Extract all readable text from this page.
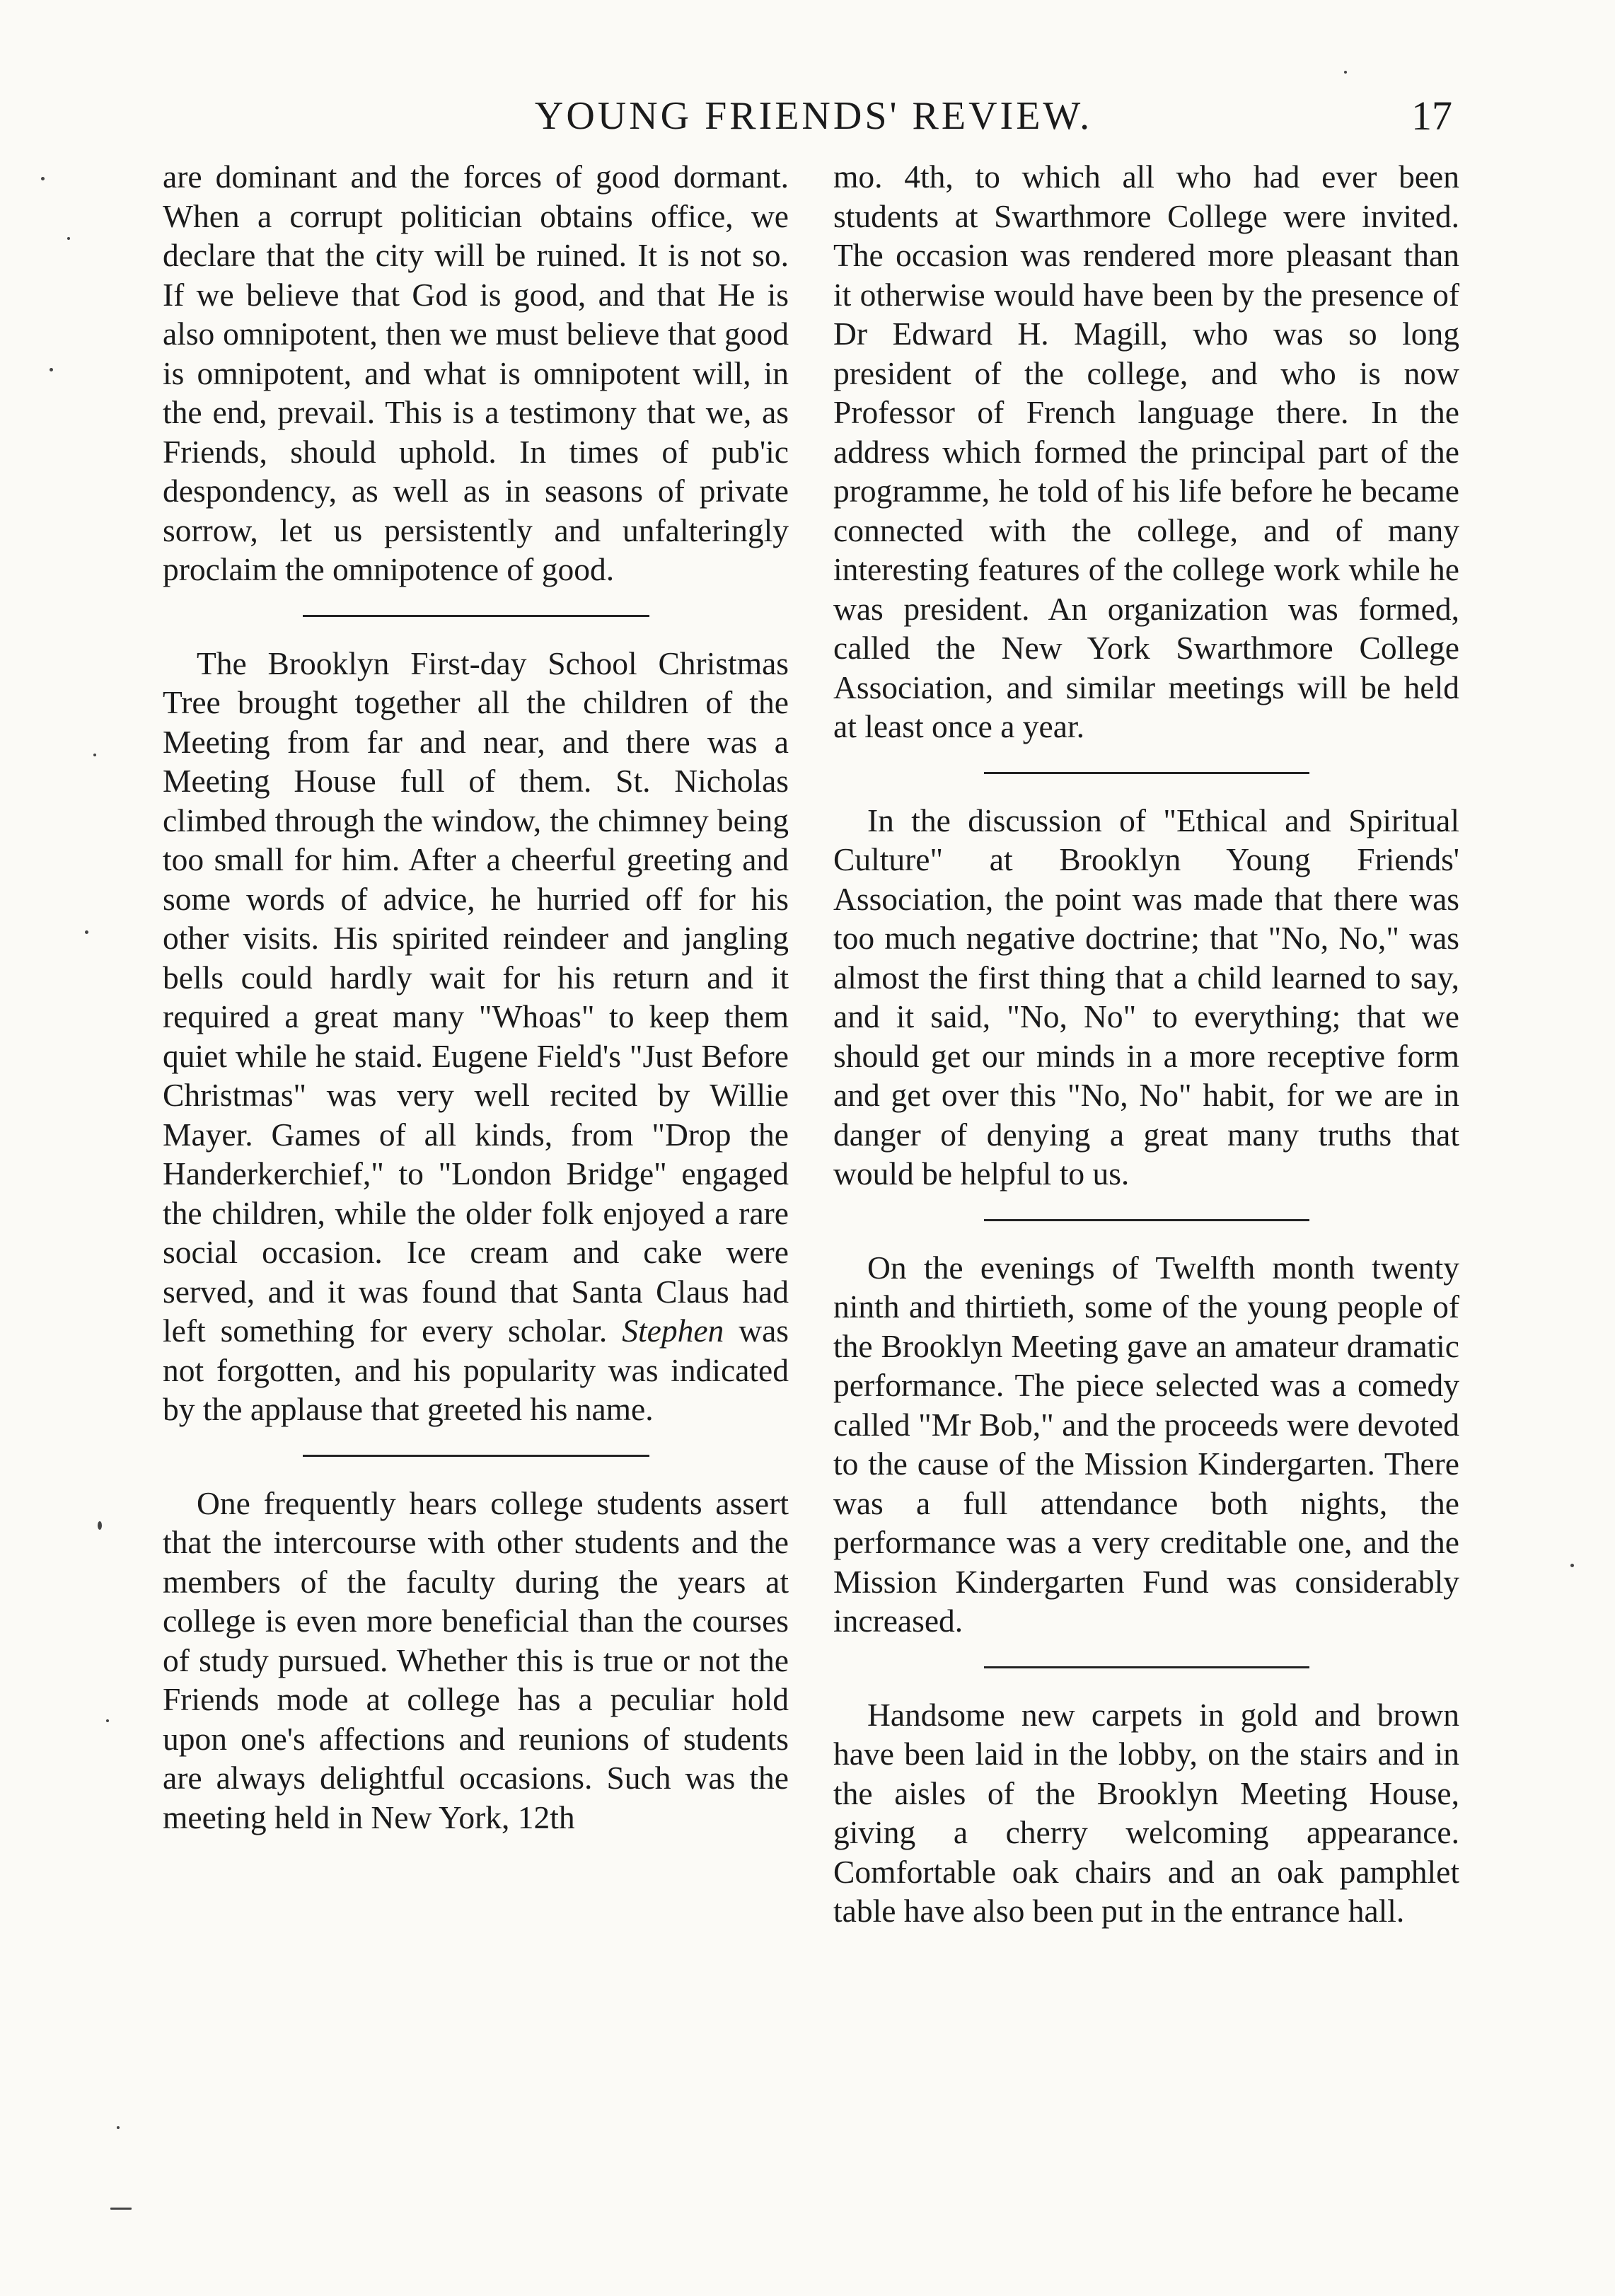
YOUNG FRIENDS' REVIEW.	17

are dominant and the forces of good dormant. When a corrupt politician obtains office, we declare that the city will be ruined. It is not so. If we believe that God is good, and that He is also omnipotent, then we must believe that good is omnipotent, and what is omnipotent will, in the end, prevail. This is a testimony that we, as Friends, should uphold. In times of pub'ic despondency, as well as in seasons of private sorrow, let us persistently and unfalteringly proclaim the omnipotence of good.

The Brooklyn First-day School Christmas Tree brought together all the children of the Meeting from far and near, and there was a Meeting House full of them. St. Nicholas climbed through the window, the chimney being too small for him. After a cheerful greeting and some words of advice, he hurried off for his other visits. His spirited reindeer and jangling bells could hardly wait for his return and it required a great many "Whoas" to keep them quiet while he staid. Eugene Field's "Just Before Christmas" was very well recited by Willie Mayer. Games of all kinds, from "Drop the Handerkerchief," to "London Bridge" engaged the children, while the older folk enjoyed a rare social occasion. Ice cream and cake were served, and it was found that Santa Claus had left something for every scholar. Stephen was not forgotten, and his popularity was indicated by the applause that greeted his name.

One frequently hears college students assert that the intercourse with other students and the members of the faculty during the years at college is even more beneficial than the courses of study pursued. Whether this is true or not the Friends mode at college has a peculiar hold upon one's affections and reunions of students are always delightful occasions. Such was the meeting held in New York, 12th

mo. 4th, to which all who had ever been students at Swarthmore College were invited. The occasion was rendered more pleasant than it otherwise would have been by the presence of Dr Edward H. Magill, who was so long president of the college, and who is now Professor of French language there. In the address which formed the principal part of the programme, he told of his life before he became connected with the college, and of many interesting features of the college work while he was president. An organization was formed, called the New York Swarthmore College Association, and similar meetings will be held at least once a year.

In the discussion of "Ethical and Spiritual Culture" at Brooklyn Young Friends' Association, the point was made that there was too much negative doctrine; that "No, No," was almost the first thing that a child learned to say, and it said, "No, No" to everything; that we should get our minds in a more receptive form and get over this "No, No" habit, for we are in danger of denying a great many truths that would be helpful to us.

On the evenings of Twelfth month twenty ninth and thirtieth, some of the young people of the Brooklyn Meeting gave an amateur dramatic performance. The piece selected was a comedy called "Mr Bob," and the proceeds were devoted to the cause of the Mission Kindergarten. There was a full attendance both nights, the performance was a very creditable one, and the Mission Kindergarten Fund was considerably increased.

Handsome new carpets in gold and brown have been laid in the lobby, on the stairs and in the aisles of the Brooklyn Meeting House, giving a cherry welcoming appearance. Comfortable oak chairs and an oak pamphlet table have also been put in the entrance hall.
